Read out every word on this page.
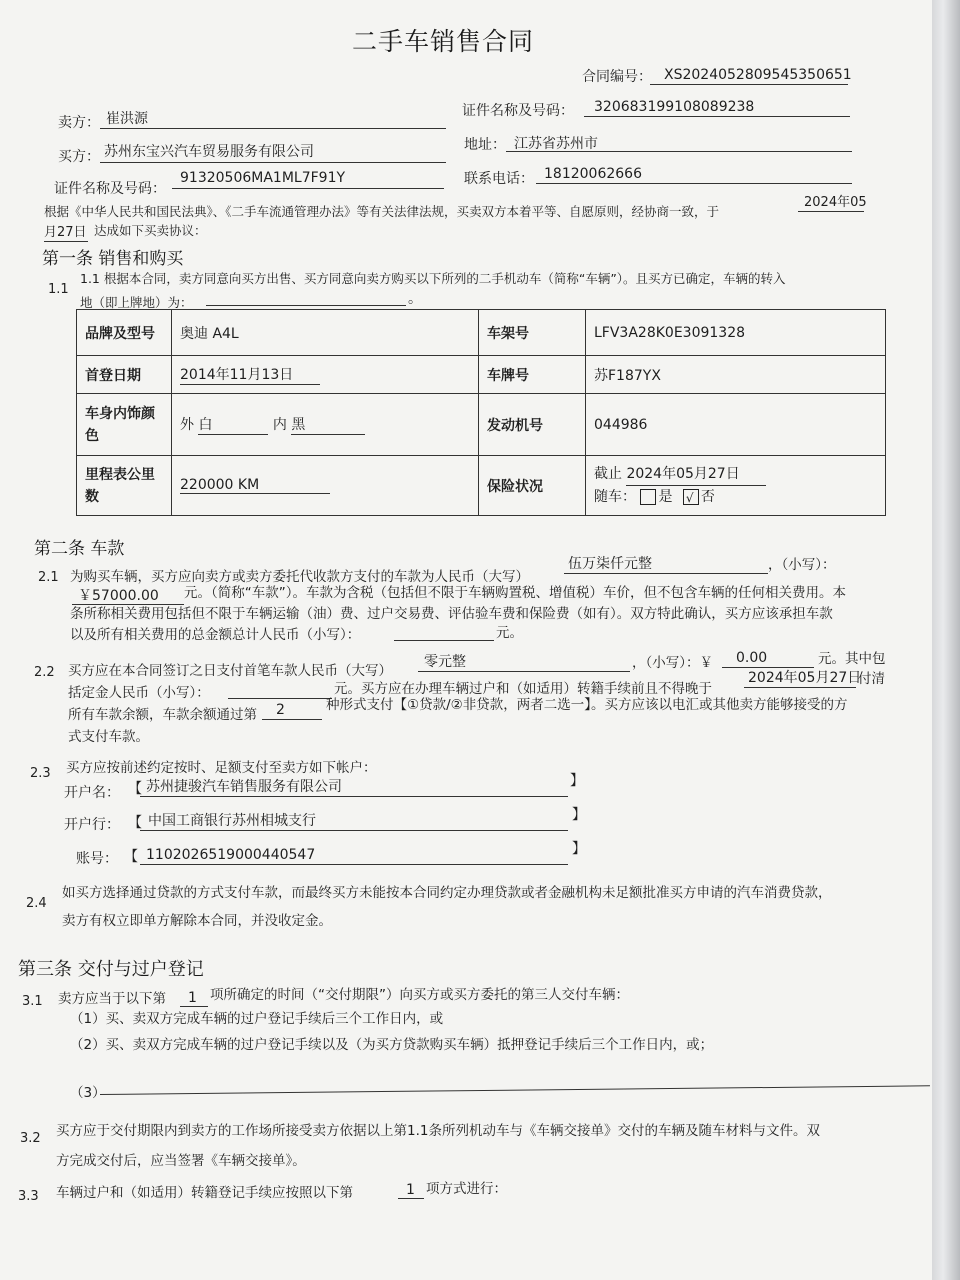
二手车销售合同
合同编号： XS2024052809545350651
卖方： 崔洪源	证件名称及号码： 320683199108089238
买方： 苏州东宝兴汽车贸易服务有限公司	地址： 江苏省苏州市
证件名称及号码：
91320506MA1ML7F91Y	联系电话： 18120062666
根据《中华人民共和国民法典》、《二手车流通管理办法》等有关法律法规，买卖双方本着平等、自愿原则，经协商一致，于
2024年05
月27日 达成如下买卖协议：
第一条 销售和购买
1.1
1.1 根据本合同，卖方同意向买方出售、买方同意向卖方购买以下所列的二手机动车（简称“车辆”）。且买方已确定，车辆的转入
地（即上牌地）为：	。
品牌及型号	奥迪 A4L	车架号	LFV3A28K0E3091328
首登日期	2014年11月13日	车牌号	苏F187YX
车身内饰颜色	外 白 内 黑	发动机号	044986
里程表公里数	220000 KM	保险状况	截止 2024年05月27日
随车： 是 √ 否
第二条 车款
2.1 为购买车辆，买方应向卖方或卖方委托代收款方支付的车款为人民币（大写）
伍万柒仟元整	，（小写）：
￥57000.00 元。（简称“车款”）。车款为含税（包括但不限于车辆购置税、增值税）车价，但不包含车辆的任何相关费用。本
条所称相关费用包括但不限于车辆运输（油）费、过户交易费、评估验车费和保险费（如有）。双方特此确认，买方应该承担车款
以及所有相关费用的总金额总计人民币（小写）：	元。
2.2 买方应在本合同签订之日支付首笔车款人民币（大写）
零元整	，（小写）：￥ 0.00	元。其中包
括定金人民币（小写）：	元。买方应在办理车辆过户和（如适用）转籍手续前且不得晚于
2024年05月27日
付清
所有车款余额，车款余额通过第 2	种形式支付【①贷款/②非贷款，两者二选一】。买方应该以电汇或其他卖方能够接受的方
式支付车款。
2.3 买方应按前述约定按时、足额支付至卖方如下帐户：
开户名： 【 苏州捷骏汽车销售服务有限公司	】
开户行： 【 中国工商银行苏州相城支行	】
账号： 【 1102026519000440547	】
2.4
如买方选择通过贷款的方式支付车款，而最终买方未能按本合同约定办理贷款或者金融机构未足额批准买方申请的汽车消费贷款，
卖方有权立即单方解除本合同，并没收定金。
第三条 交付与过户登记
3.1 卖方应当于以下第 1 项所确定的时间（“交付期限”）向买方或买方委托的第三人交付车辆：
（1）买、卖双方完成车辆的过户登记手续后三个工作日内，或
（2）买、卖双方完成车辆的过户登记手续以及（为买方贷款购买车辆）抵押登记手续后三个工作日内，或；
（3）
3.2 买方应于交付期限内到卖方的工作场所接受卖方依据以上第1.1条所列机动车与《车辆交接单》交付的车辆及随车材料与文件。双
方完成交付后，应当签署《车辆交接单》。
3.3 车辆过户和（如适用）转籍登记手续应按照以下第	1 项方式进行：
